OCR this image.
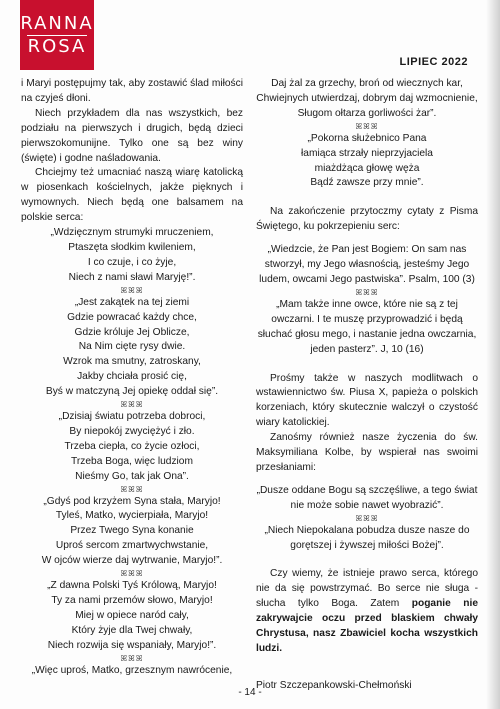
RANNA
ROSA
LIPIEC 2022

i Maryi postępujmy tak, aby zostawić ślad miłości na czyjeś dłoni.

Niech przykładem dla nas wszystkich, bez podziału na pierwszych i drugich, będą dzieci pierwszokomunijne. Tylko one są bez winy (święte) i godne naśladowania.

Chciejmy też umacniać naszą wiarę katolicką w piosenkach kościelnych, jakże pięknych i wymownych. Niech będą one balsamem na polskie serca:

„Wdzięcznym strumyki mruczeniem,

Ptaszęta słodkim kwileniem,

I co czuje, i co żyje,

Niech z nami sławi Maryję!”.

ꕤꕤꕤ

„Jest zakątek na tej ziemi

Gdzie powracać każdy chce,

Gdzie króluje Jej Oblicze,

Na Nim cięte rysy dwie.

Wzrok ma smutny, zatroskany,

Jakby chciała prosić cię,

Byś w matczyną Jej opiekę oddał się”.

ꕤꕤꕤ

„Dzisiaj światu potrzeba dobroci,

By niepokój zwyciężyć i zło.

Trzeba ciepła, co życie ozłoci,

Trzeba Boga, więc ludziom

Nieśmy Go, tak jak Ona”.

ꕤꕤꕤ

„Gdyś pod krzyżem Syna stała, Maryjo!

Tyleś, Matko, wycierpiała, Maryjo!

Przez Twego Syna konanie

Uproś sercom zmartwychwstanie,

W ojców wierze daj wytrwanie, Maryjo!”.

ꕤꕤꕤ

„Z dawna Polski Tyś Królową, Maryjo!

Ty za nami przemów słowo, Maryjo!

Miej w opiece naród cały,

Który żyje dla Twej chwały,

Niech rozwija się wspaniały, Maryjo!”.

ꕤꕤꕤ

„Więc uproś, Matko, grzesznym nawrócenie,

Daj żal za grzechy, broń od wiecznych kar,

Chwiejnych utwierdzaj, dobrym daj wzmocnienie,

Sługom ołtarza gorliwości żar”.

ꕤꕤꕤ

„Pokorna służebnico Pana

łamiąca strzały nieprzyjaciela

miażdżąca głowę węża

Bądź zawsze przy mnie”.

Na zakończenie przytoczmy cytaty z Pisma Świętego, ku pokrzepieniu serc:

„Wiedzcie, że Pan jest Bogiem: On sam nas stworzył, my Jego własnością, jesteśmy Jego ludem, owcami Jego pastwiska”. Psalm, 100 (3)

ꕤꕤꕤ

„Mam także inne owce, które nie są z tej owczarni. I te muszę przyprowadzić i będą słuchać głosu mego, i nastanie jedna owczarnia, jeden pasterz”. J, 10 (16)

Prośmy także w naszych modlitwach o wstawiennictwo św. Piusa X, papieża o polskich korzeniach, który skutecznie walczył o czystość wiary katolickiej.

Zanośmy również nasze życzenia do św. Maksymiliana Kolbe, by wspierał nas swoimi przesłaniami:

„Dusze oddane Bogu są szczęśliwe, a tego świat nie może sobie nawet wyobrazić”.

ꕤꕤꕤ

„Niech Niepokalana pobudza dusze nasze do gorętszej i żywszej miłości Bożej”.

Czy wiemy, że istnieje prawo serca, którego nie da się powstrzymać. Bo serce nie sługa - słucha tylko Boga. Zatem poganie nie zakrywajcie oczu przed blaskiem chwały Chrystusa, nasz Zbawiciel kocha wszystkich ludzi.

Piotr Szczepankowski-Chełmoński

- 14 -
